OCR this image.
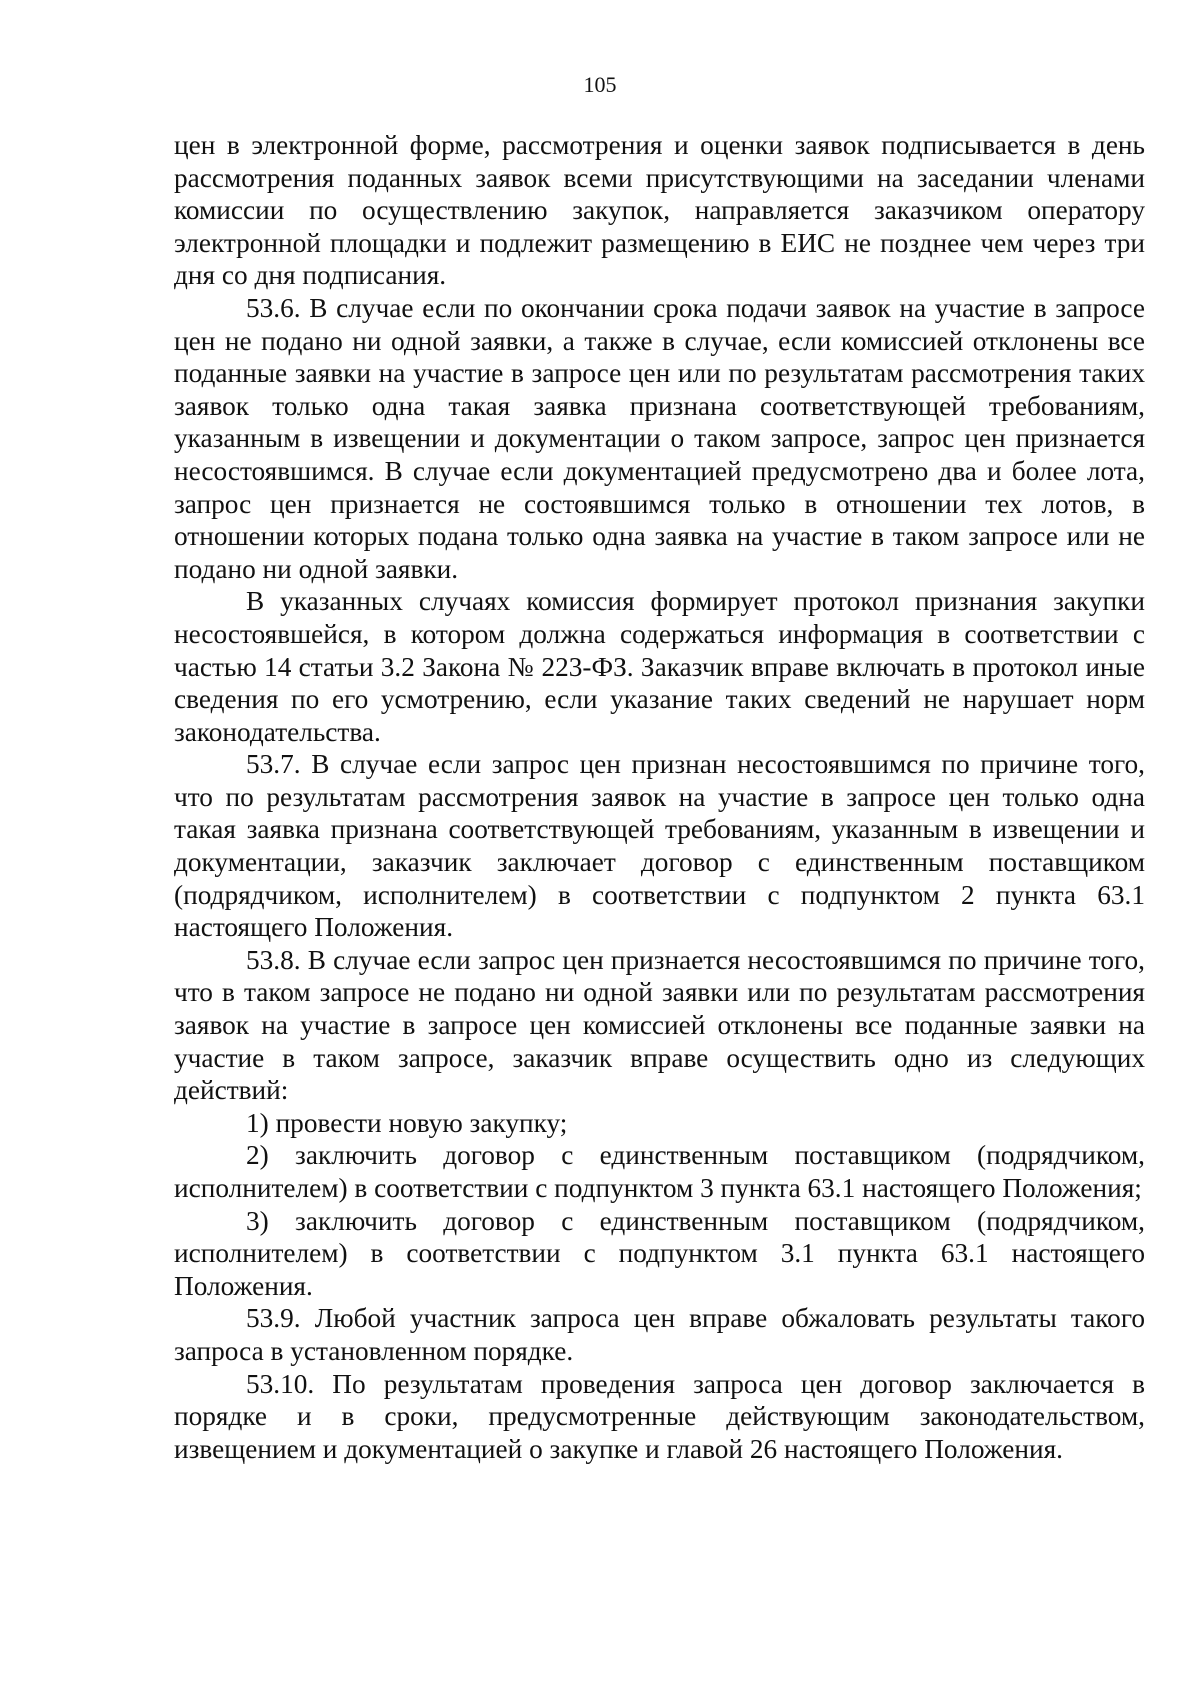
105

цен в электронной форме, рассмотрения и оценки заявок подписывается в день рассмотрения поданных заявок всеми присутствующими на заседании членами комиссии по осуществлению закупок, направляется заказчиком оператору электронной площадки и подлежит размещению в ЕИС не позднее чем через три дня со дня подписания.

53.6. В случае если по окончании срока подачи заявок на участие в запросе цен не подано ни одной заявки, а также в случае, если комиссией отклонены все поданные заявки на участие в запросе цен или по результатам рассмотрения таких заявок только одна такая заявка признана соответствующей требованиям, указанным в извещении и документации о таком запросе, запрос цен признается несостоявшимся. В случае если документацией предусмотрено два и более лота, запрос цен признается не состоявшимся только в отношении тех лотов, в отношении которых подана только одна заявка на участие в таком запросе или не подано ни одной заявки.

В указанных случаях комиссия формирует протокол признания закупки несостоявшейся, в котором должна содержаться информация в соответствии с частью 14 статьи 3.2 Закона № 223-ФЗ. Заказчик вправе включать в протокол иные сведения по его усмотрению, если указание таких сведений не нарушает норм законодательства.

53.7. В случае если запрос цен признан несостоявшимся по причине того, что по результатам рассмотрения заявок на участие в запросе цен только одна такая заявка признана соответствующей требованиям, указанным в извещении и документации, заказчик заключает договор с единственным поставщиком (подрядчиком, исполнителем) в соответствии с подпунктом 2 пункта 63.1 настоящего Положения.

53.8. В случае если запрос цен признается несостоявшимся по причине того, что в таком запросе не подано ни одной заявки или по результатам рассмотрения заявок на участие в запросе цен комиссией отклонены все поданные заявки на участие в таком запросе, заказчик вправе осуществить одно из следующих действий:

1) провести новую закупку;

2) заключить договор с единственным поставщиком (подрядчиком, исполнителем) в соответствии с подпунктом 3 пункта 63.1 настоящего Положения;

3) заключить договор с единственным поставщиком (подрядчиком, исполнителем) в соответствии с подпунктом 3.1 пункта 63.1 настоящего Положения.

53.9. Любой участник запроса цен вправе обжаловать результаты такого запроса в установленном порядке.

53.10. По результатам проведения запроса цен договор заключается в порядке и в сроки, предусмотренные действующим законодательством, извещением и документацией о закупке и главой 26 настоящего Положения.
